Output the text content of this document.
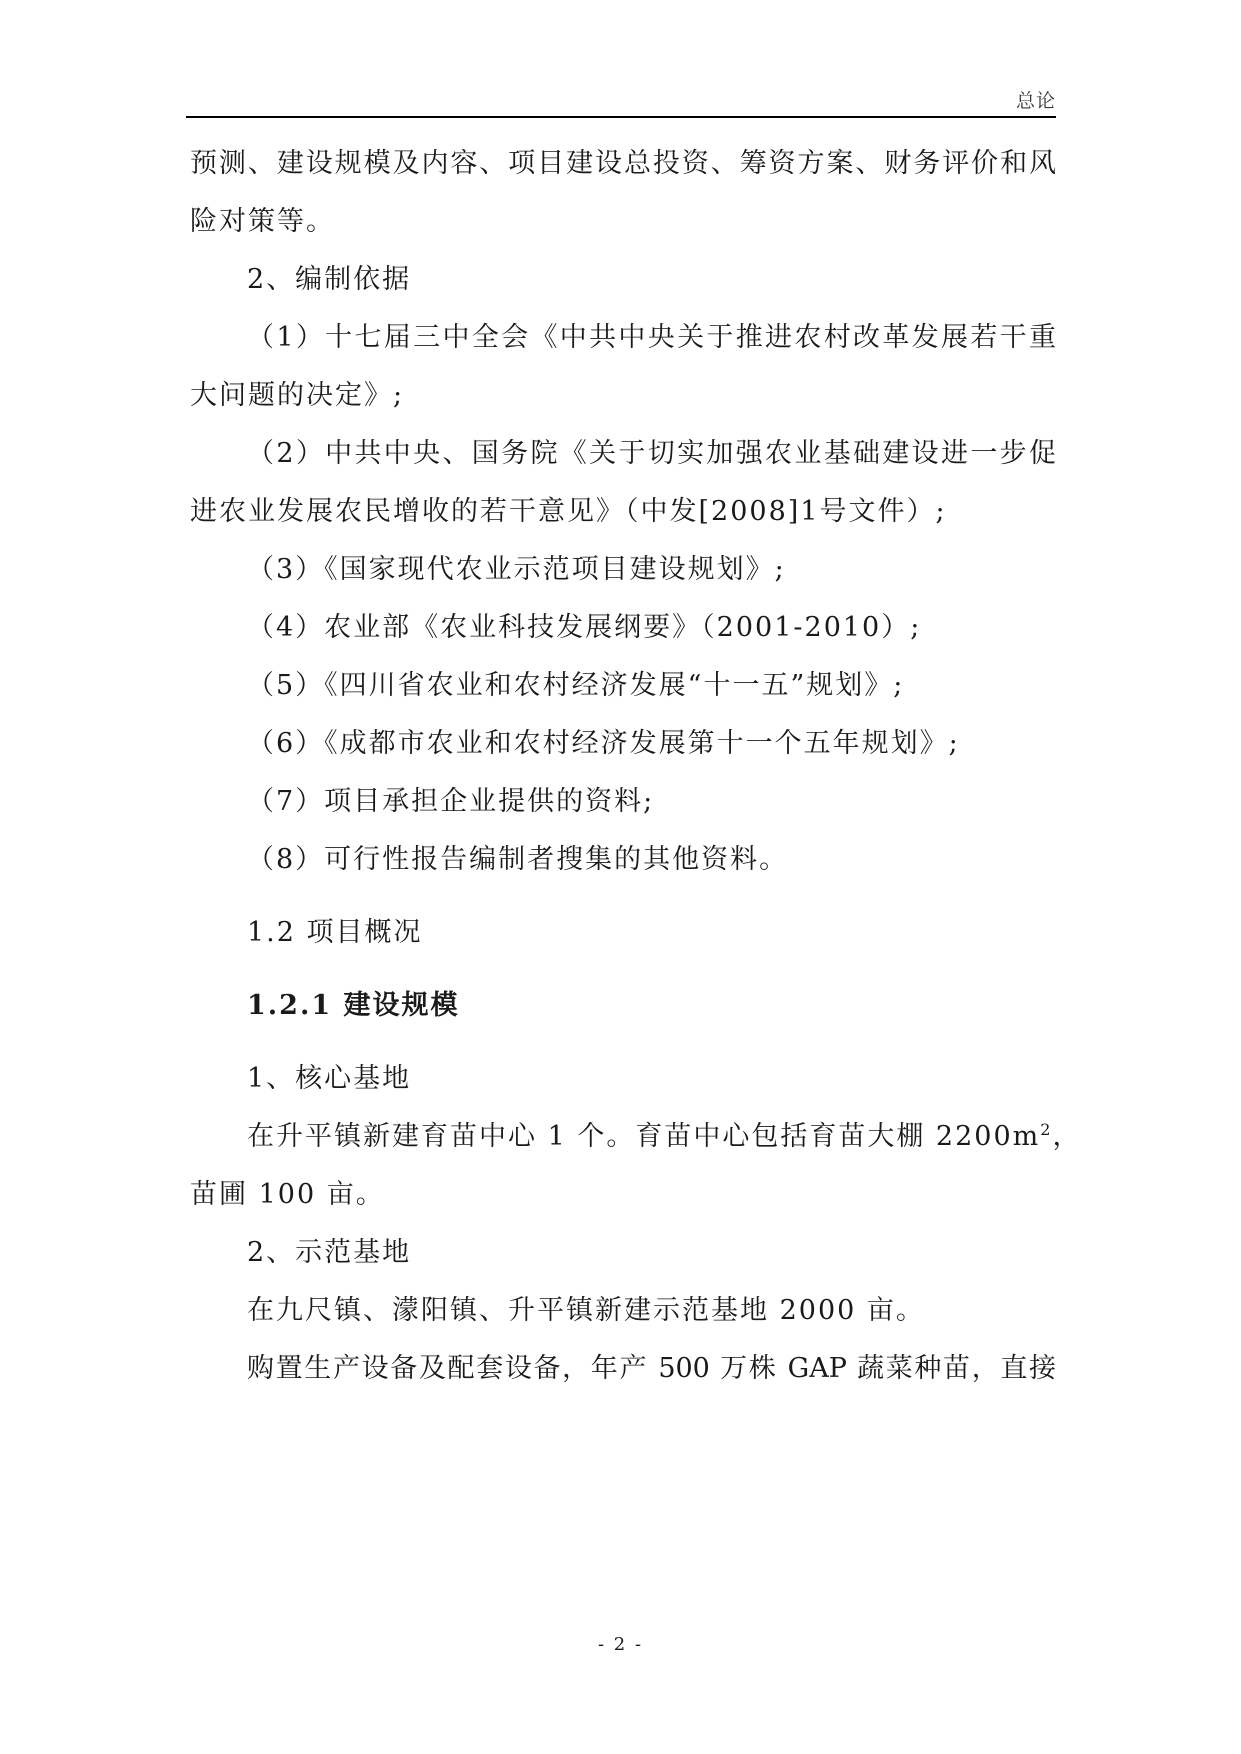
总论
预测、建设规模及内容、项目建设总投资、筹资方案、财务评价和风
险对策等。
2、编制依据
（1）十七届三中全会《中共中央关于推进农村改革发展若干重
大问题的决定》;
（2）中共中央、国务院《关于切实加强农业基础建设进一步促
进农业发展农民增收的若干意见》（中发[2008]1号文件）;
（3）《国家现代农业示范项目建设规划》;
（4）农业部《农业科技发展纲要》（2001-2010）;
（5）《四川省农业和农村经济发展“十一五”规划》;
（6）《成都市农业和农村经济发展第十一个五年规划》;
（7）项目承担企业提供的资料;
（8）可行性报告编制者搜集的其他资料。
1.2 项目概况
1.2.1 建设规模
1、核心基地
在升平镇新建育苗中心 1 个。育苗中心包括育苗大棚 $2200m^2$，
苗圃 100 亩。
2、示范基地
在九尺镇、濛阳镇、升平镇新建示范基地 2000 亩。
购置生产设备及配套设备，年产 500 万株 GAP 蔬菜种苗，直接
- 2 -
